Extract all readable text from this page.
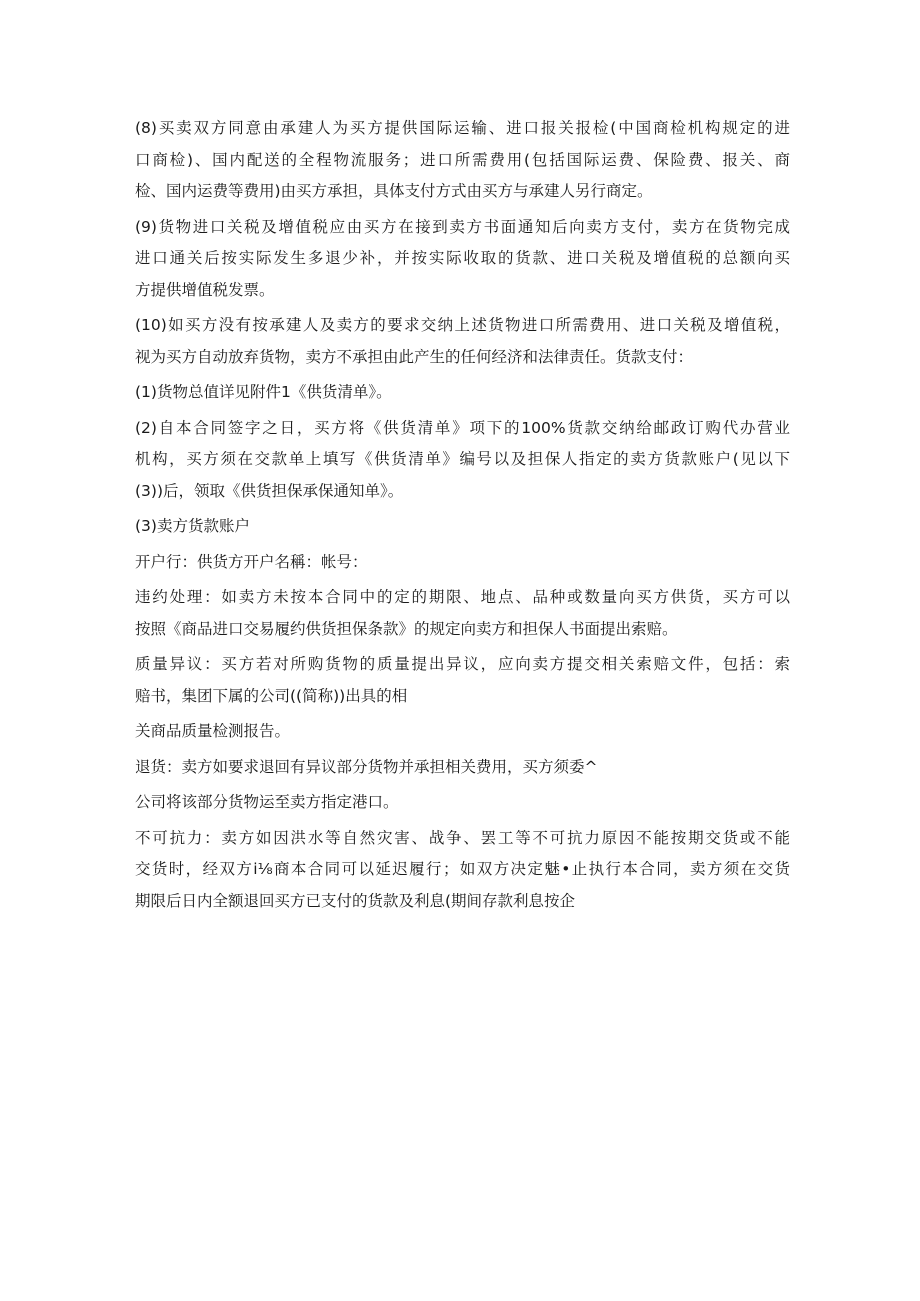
(8)买卖双方同意由承建人为买方提供国际运输、进口报关报检(中国商检机构规定的进
口商检)、国内配送的全程物流服务；进口所需费用(包括国际运费、保险费、报关、商
检、国内运费等费用)由买方承担，具体支付方式由买方与承建人另行商定。
(9)货物进口关税及增值税应由买方在接到卖方书面通知后向卖方支付，卖方在货物完成
进口通关后按实际发生多退少补，并按实际收取的货款、进口关税及增值税的总额向买
方提供增值税发票。
(10)如买方没有按承建人及卖方的要求交纳上述货物进口所需费用、进口关税及增值税，
视为买方自动放弃货物，卖方不承担由此产生的任何经济和法律责任。货款支付：
(1)货物总值详见附件1《供货清单》。
(2)自本合同签字之日，买方将《供货清单》项下的100%货款交纳给邮政订购代办营业
机构，买方须在交款单上填写《供货清单》编号以及担保人指定的卖方货款账户(见以下
(3))后，领取《供货担保承保通知单》。
(3)卖方货款账户
开户行：供货方开户名稱：帐号：
违约处理：如卖方未按本合同中的定的期限、地点、品种或数量向买方供货，买方可以
按照《商品进口交易履约供货担保条款》的规定向卖方和担保人书面提出索赔。
质量异议：买方若对所购货物的质量提出异议，应向卖方提交相关索赔文件，包括：索
赔书，集团下属的公司((简称))出具的相
关商品质量检测报告。
退货：卖方如要求退回有异议部分货物并承担相关费用，买方须委^
公司将该部分货物运至卖方指定港口。
不可抗力：卖方如因洪水等自然灾害、战争、罢工等不可抗力原因不能按期交货或不能
交货时，经双方i⅛商本合同可以延迟履行；如双方决定魅•止执行本合同，卖方须在交货
期限后日内全额退回买方已支付的货款及利息(期间存款利息按企
